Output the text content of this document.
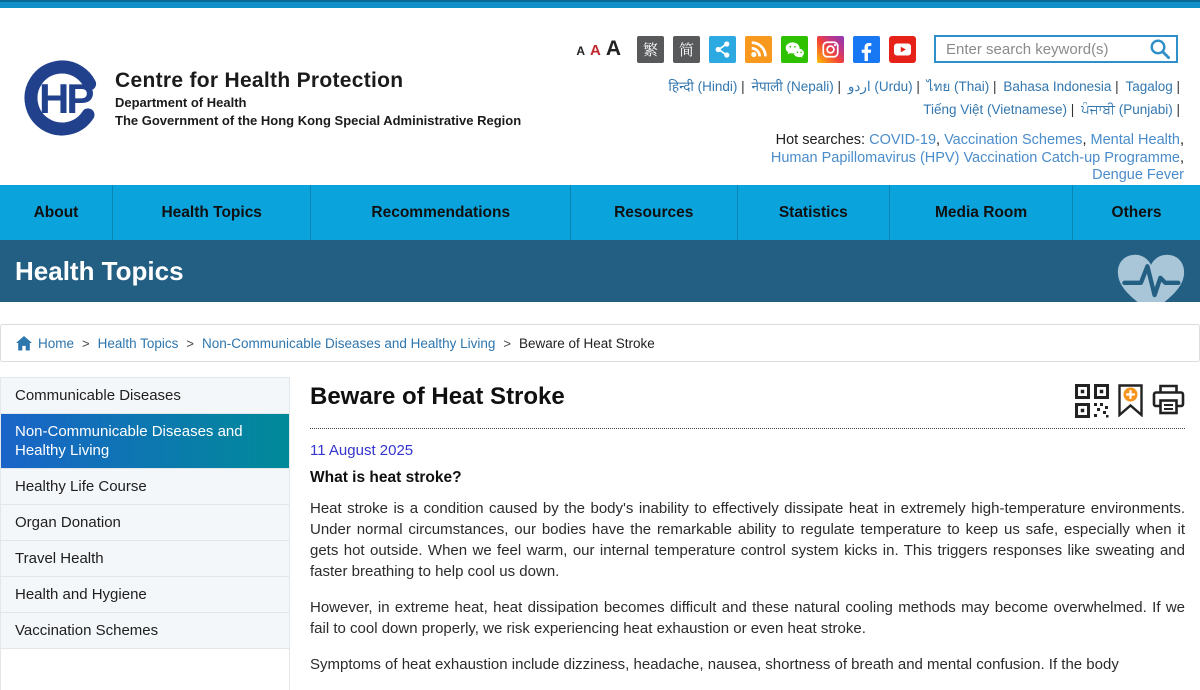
HP Centre for Health Protection
Department of Health
The Government of the Hong Kong Special Administrative Region
A A A	繁	简
Enter search keyword(s)
हिन्दी (Hindi) | नेपाली (Nepali) | اردو (Urdu) | ไทย (Thai) | Bahasa Indonesia | Tagalog | Tiếng Việt (Vietnamese) | ਪੰਜਾਬੀ (Punjabi) |
Hot searches: COVID-19 , Vaccination Schemes , Mental Health , Human Papillomavirus (HPV) Vaccination Catch-up Programme , Dengue Fever
About	Health Topics	Recommendations	Resources	Statistics	Media Room	Others
Health Topics
Home > Health Topics > Non-Communicable Diseases and Healthy Living > Beware of Heat Stroke
Communicable Diseases
Non-Communicable Diseases and Healthy Living
Healthy Life Course
Organ Donation
Travel Health
Health and Hygiene
Vaccination Schemes
Beware of Heat Stroke
11 August 2025
What is heat stroke?

Heat stroke is a condition caused by the body's inability to effectively dissipate heat in extremely high-temperature environments. Under normal circumstances, our bodies have the remarkable ability to regulate temperature to keep us safe, especially when it gets hot outside. When we feel warm, our internal temperature control system kicks in. This triggers responses like sweating and faster breathing to help cool us down.

However, in extreme heat, heat dissipation becomes difficult and these natural cooling methods may become overwhelmed. If we fail to cool down properly, we risk experiencing heat exhaustion or even heat stroke.

Symptoms of heat exhaustion include dizziness, headache, nausea, shortness of breath and mental confusion. If the body
